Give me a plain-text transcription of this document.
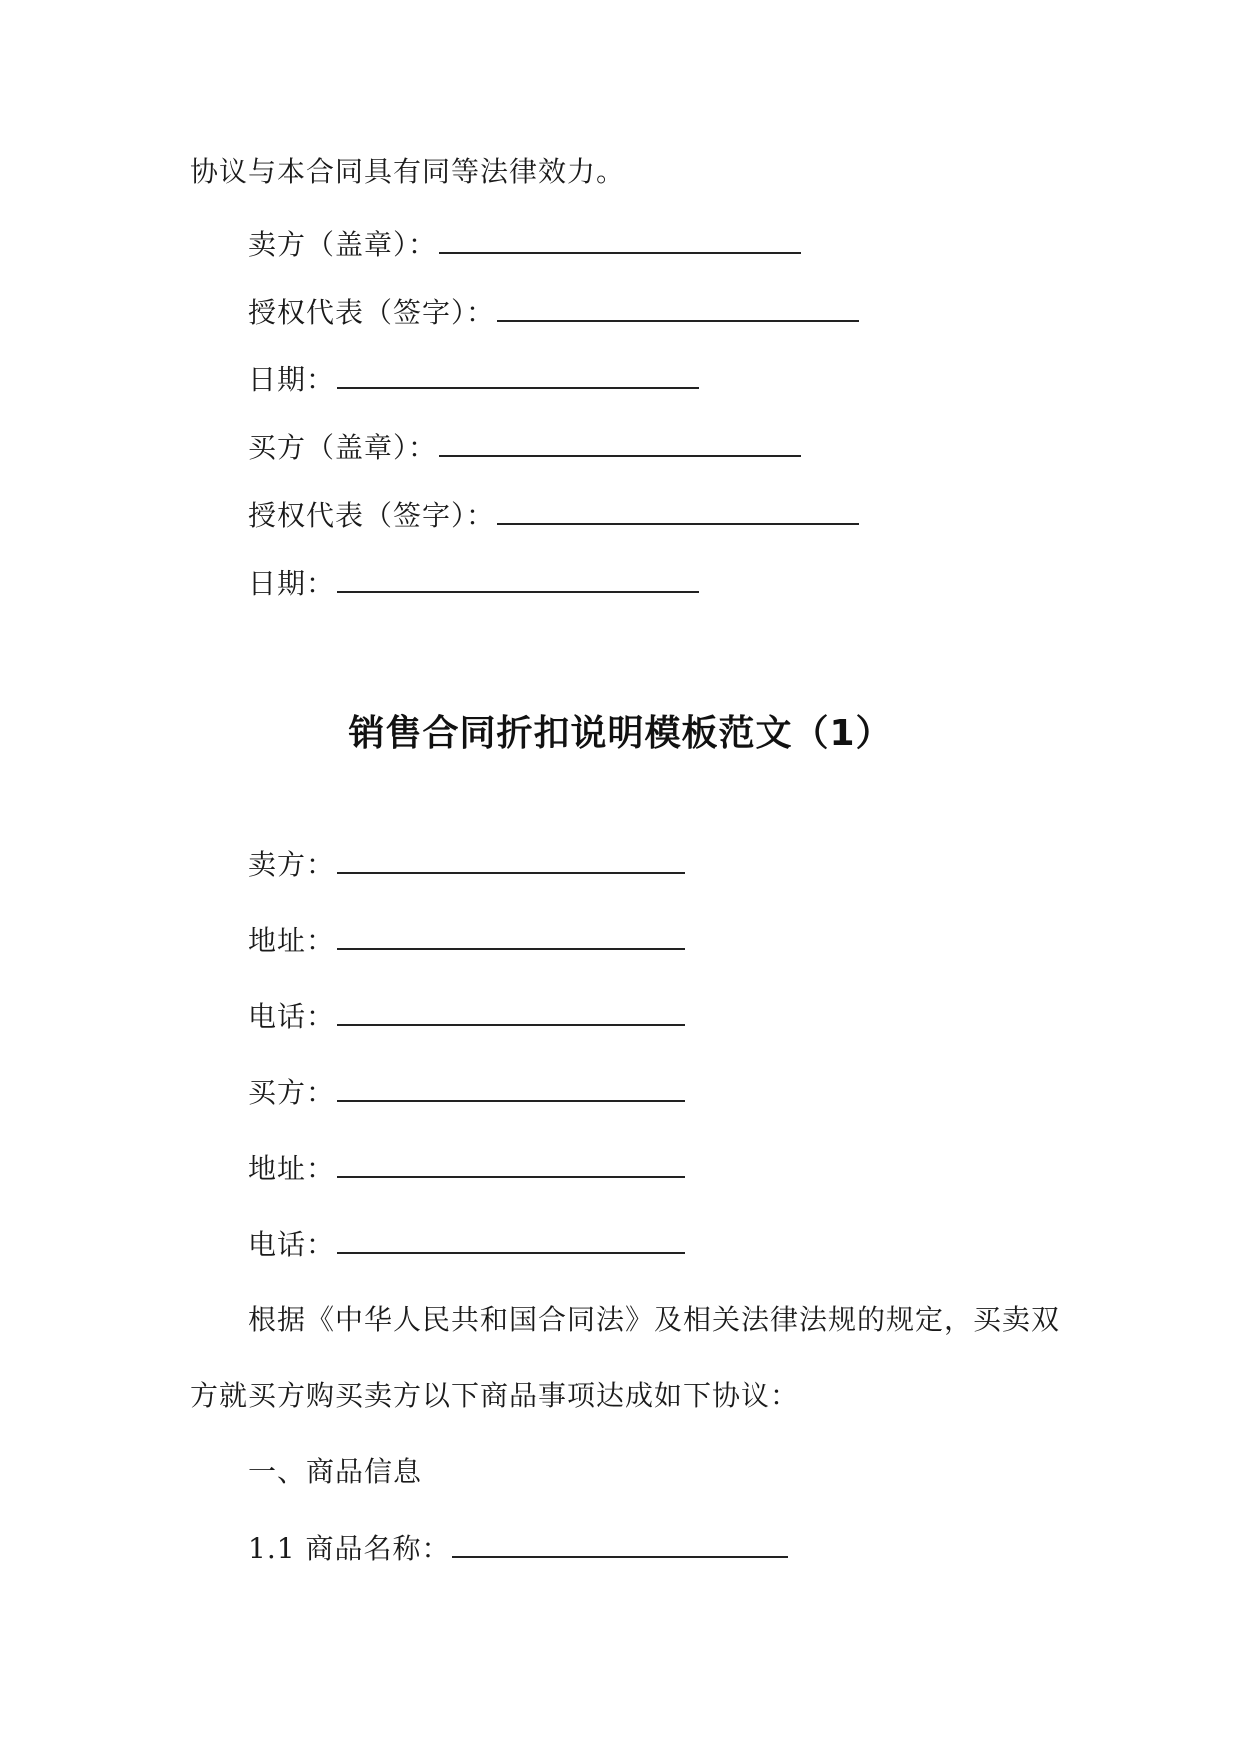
协议与本合同具有同等法律效力。
卖方（盖章）：
授权代表（签字）：
日期：
买方（盖章）：
授权代表（签字）：
日期：
销售合同折扣说明模板范文（1）
卖方：
地址：
电话：
买方：
地址：
电话：
根据《中华人民共和国合同法》及相关法律法规的规定，买卖双
方就买方购买卖方以下商品事项达成如下协议：
一、商品信息
1.1 商品名称：
